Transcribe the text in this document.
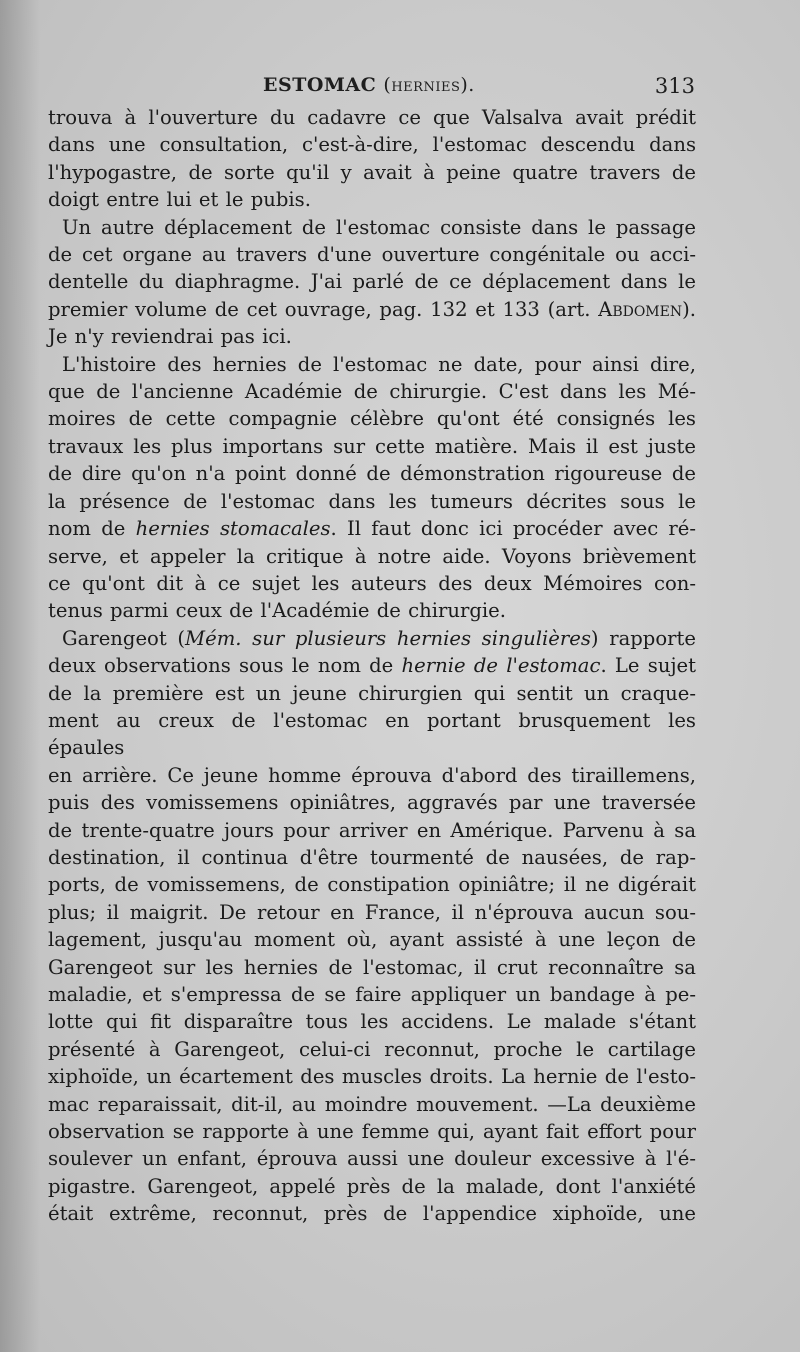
ESTOMAC (hernies).	313

trouva à l'ouverture du cadavre ce que Valsalva avait prédit

dans une consultation, c'est-à-dire, l'estomac descendu dans

l'hypogastre, de sorte qu'il y avait à peine quatre travers de

doigt entre lui et le pubis.

Un autre déplacement de l'estomac consiste dans le passage

de cet organe au travers d'une ouverture congénitale ou acci-

dentelle du diaphragme. J'ai parlé de ce déplacement dans le

premier volume de cet ouvrage, pag. 132 et 133 (art. Abdomen).

Je n'y reviendrai pas ici.

L'histoire des hernies de l'estomac ne date, pour ainsi dire,

que de l'ancienne Académie de chirurgie. C'est dans les Mé-

moires de cette compagnie célèbre qu'ont été consignés les

travaux les plus importans sur cette matière. Mais il est juste

de dire qu'on n'a point donné de démonstration rigoureuse de

la présence de l'estomac dans les tumeurs décrites sous le

nom de hernies stomacales. Il faut donc ici procéder avec ré-

serve, et appeler la critique à notre aide. Voyons brièvement

ce qu'ont dit à ce sujet les auteurs des deux Mémoires con-

tenus parmi ceux de l'Académie de chirurgie.

Garengeot (Mém. sur plusieurs hernies singulières) rapporte

deux observations sous le nom de hernie de l'estomac. Le sujet

de la première est un jeune chirurgien qui sentit un craque-

ment au creux de l'estomac en portant brusquement les épaules

en arrière. Ce jeune homme éprouva d'abord des tiraillemens,

puis des vomissemens opiniâtres, aggravés par une traversée

de trente-quatre jours pour arriver en Amérique. Parvenu à sa

destination, il continua d'être tourmenté de nausées, de rap-

ports, de vomissemens, de constipation opiniâtre; il ne digérait

plus; il maigrit. De retour en France, il n'éprouva aucun sou-

lagement, jusqu'au moment où, ayant assisté à une leçon de

Garengeot sur les hernies de l'estomac, il crut reconnaître sa

maladie, et s'empressa de se faire appliquer un bandage à pe-

lotte qui fit disparaître tous les accidens. Le malade s'étant

présenté à Garengeot, celui-ci reconnut, proche le cartilage

xiphoïde, un écartement des muscles droits. La hernie de l'esto-

mac reparaissait, dit-il, au moindre mouvement. —La deuxième

observation se rapporte à une femme qui, ayant fait effort pour

soulever un enfant, éprouva aussi une douleur excessive à l'é-

pigastre. Garengeot, appelé près de la malade, dont l'anxiété

était extrême, reconnut, près de l'appendice xiphoïde, une
